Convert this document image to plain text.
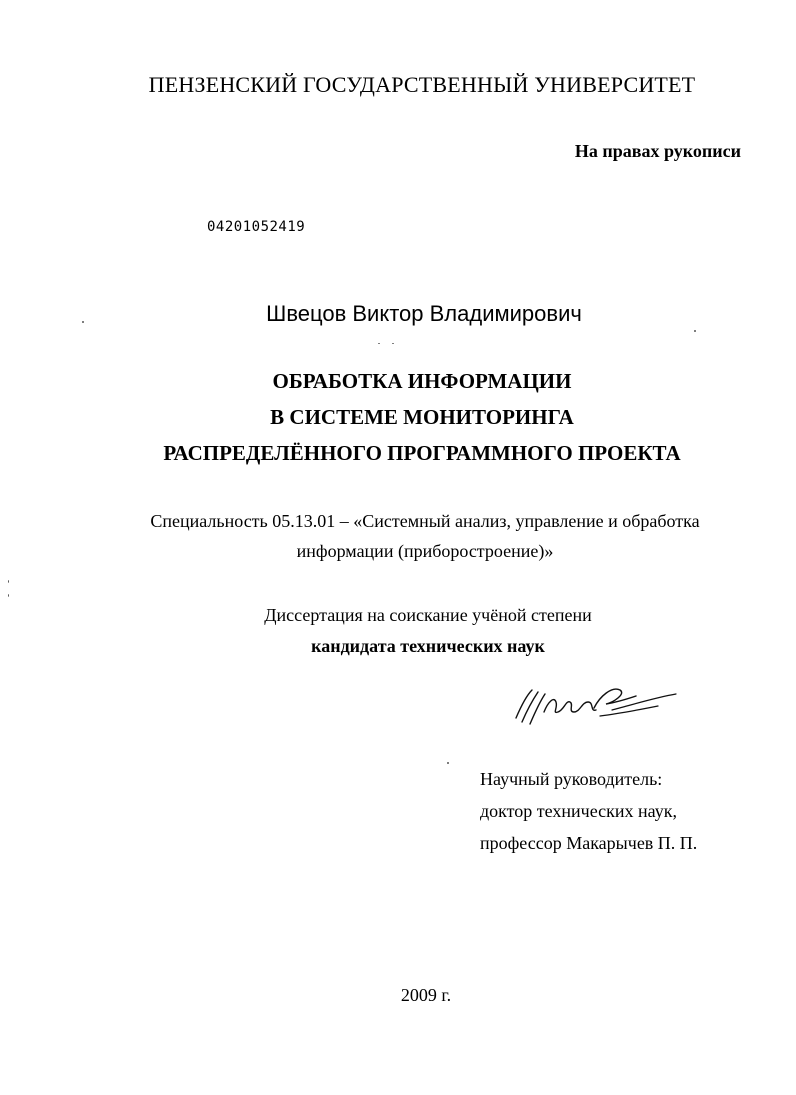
ПЕНЗЕНСКИЙ ГОСУДАРСТВЕННЫЙ УНИВЕРСИТЕТ
На правах рукописи
04201052419
Швецов Виктор Владимирович
ОБРАБОТКА ИНФОРМАЦИИ
В СИСТЕМЕ МОНИТОРИНГА
РАСПРЕДЕЛЁННОГО ПРОГРАММНОГО ПРОЕКТА
Специальность 05.13.01 – «Системный анализ, управление и обработка
информации (приборостроение)»
Диссертация на соискание учёной степени
кандидата технических наук
Научный руководитель:
доктор технических наук,
профессор Макарычев П. П.
2009 г.
